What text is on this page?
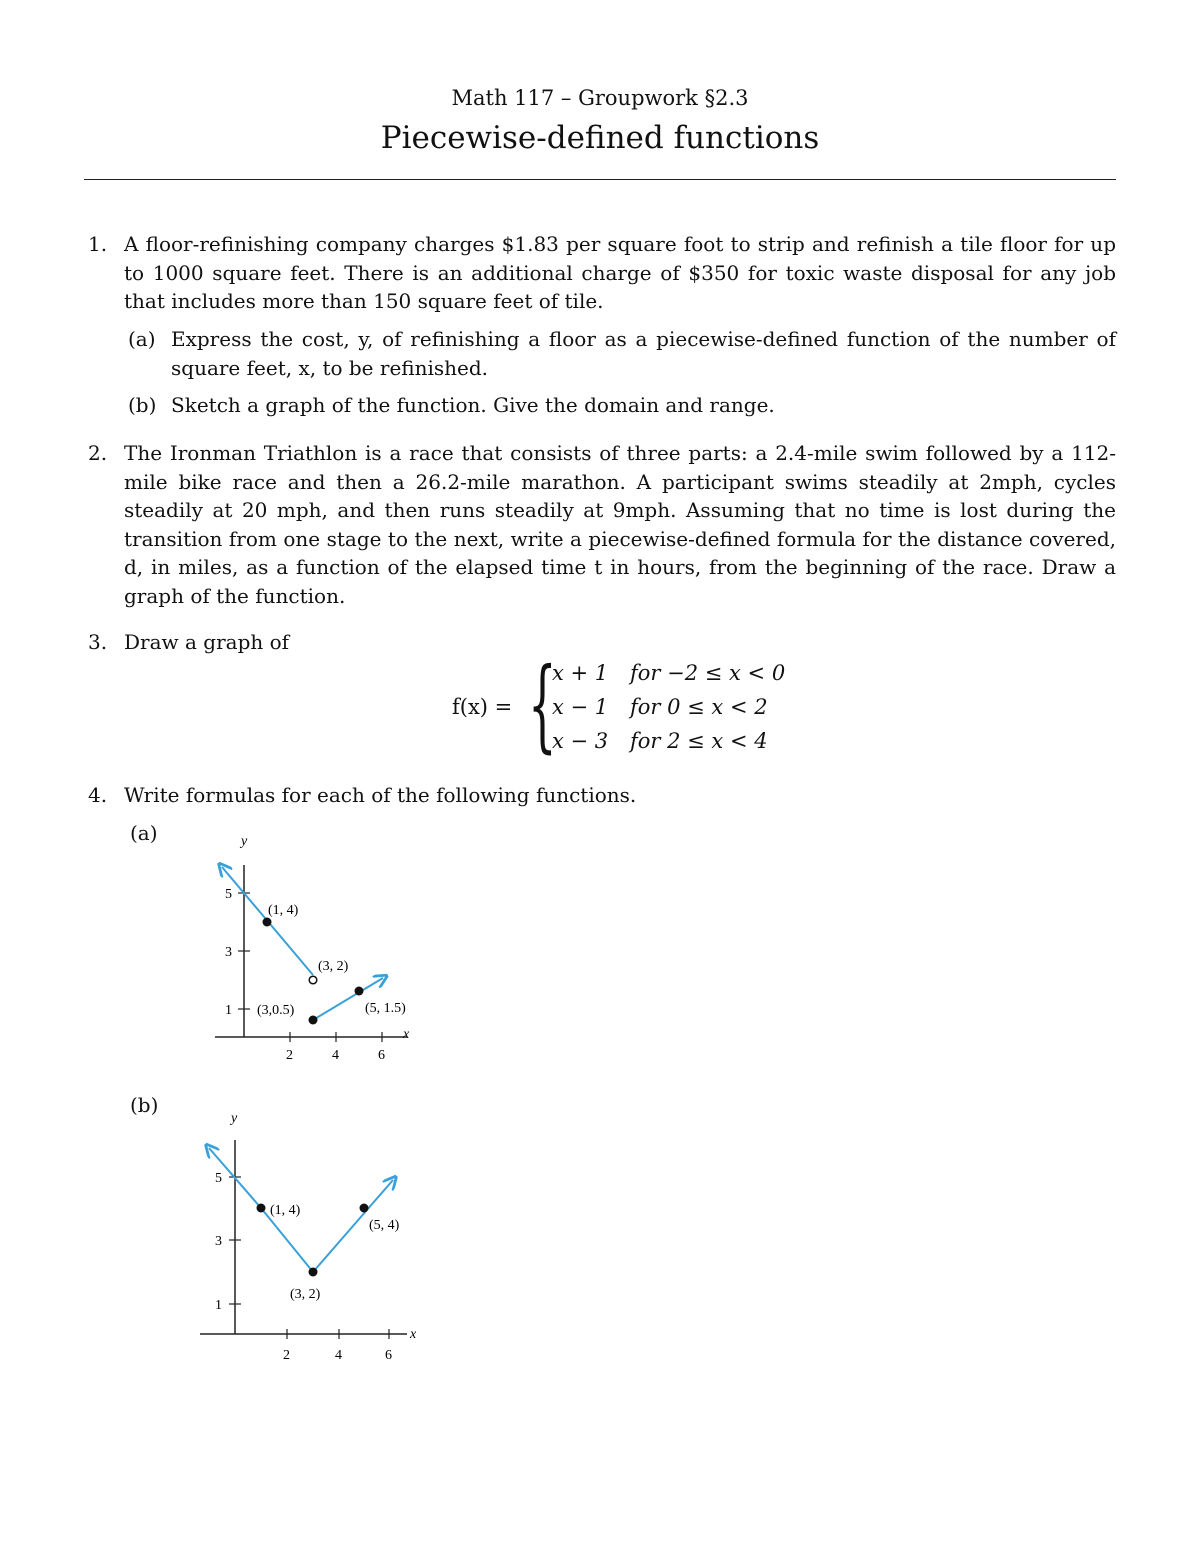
Math 117 – Groupwork §2.3
Piecewise-defined functions
1. A floor-refinishing company charges $1.83 per square foot to strip and refinish a tile floor for up to 1000 square feet. There is an additional charge of $350 for toxic waste disposal for any job that includes more than 150 square feet of tile.
(a) Express the cost, y, of refinishing a floor as a piecewise-defined function of the number of square feet, x, to be refinished.
(b) Sketch a graph of the function. Give the domain and range.
2. The Ironman Triathlon is a race that consists of three parts: a 2.4-mile swim followed by a 112-mile bike race and then a 26.2-mile marathon. A participant swims steadily at 2mph, cycles steadily at 20 mph, and then runs steadily at 9mph. Assuming that no time is lost during the transition from one stage to the next, write a piecewise-defined formula for the distance covered, d, in miles, as a function of the elapsed time t in hours, from the beginning of the race. Draw a graph of the function.
3. Draw a graph of
f(x) = {
x + 1 for −2 ≤ x < 0
x − 1 for 0 ≤ x < 2
x − 3 for 2 ≤ x < 4
4. Write formulas for each of the following functions.
(a)
(b)
y
x
1
3
5
2	4	6
(1, 4)
(3, 2)
(3,0.5)	(5, 1.5)
y
x
1
3
5
2	4	6
(1, 4)
(3, 2)
(5, 4)
